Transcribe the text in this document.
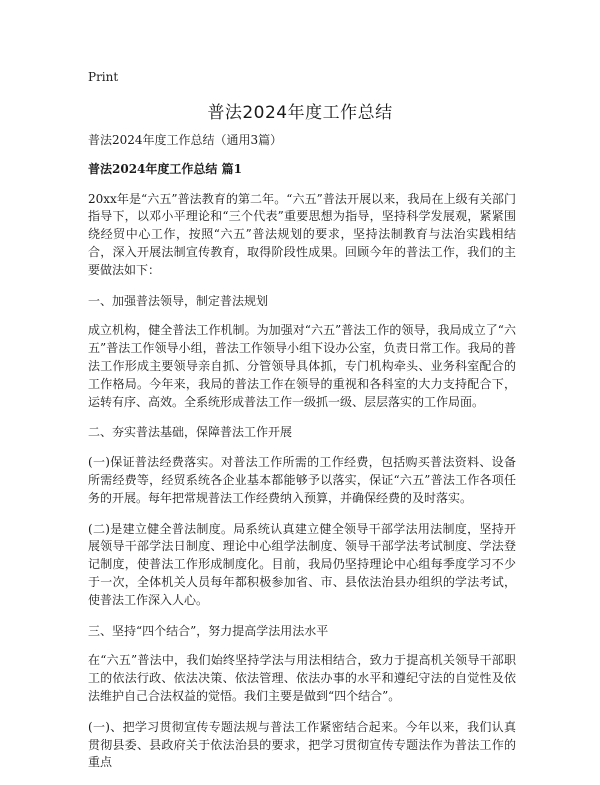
Print
普法2024年度工作总结

普法2024年度工作总结（通用3篇）

普法2024年度工作总结 篇1

20xx年是“六五”普法教育的第二年。“六五”普法开展以来，我局在上级有关部门指导下，以邓小平理论和“三个代表”重要思想为指导，坚持科学发展观，紧紧围绕经贸中心工作，按照“六五”普法规划的要求，坚持法制教育与法治实践相结合，深入开展法制宣传教育，取得阶段性成果。回顾今年的普法工作，我们的主要做法如下：

一、加强普法领导，制定普法规划

成立机构，健全普法工作机制。为加强对“六五”普法工作的领导，我局成立了“六五”普法工作领导小组，普法工作领导小组下设办公室，负责日常工作。我局的普法工作形成主要领导亲自抓、分管领导具体抓，专门机构牵头、业务科室配合的工作格局。今年来，我局的普法工作在领导的重视和各科室的大力支持配合下，运转有序、高效。全系统形成普法工作一级抓一级、层层落实的工作局面。

二、夯实普法基础，保障普法工作开展

(一)保证普法经费落实。对普法工作所需的工作经费，包括购买普法资料、设备所需经费等，经贸系统各企业基本都能够予以落实，保证“六五”普法工作各项任务的开展。每年把常规普法工作经费纳入预算，并确保经费的及时落实。

(二)是建立健全普法制度。局系统认真建立健全领导干部学法用法制度，坚持开展领导干部学法日制度、理论中心组学法制度、领导干部学法考试制度、学法登记制度，使普法工作形成制度化。目前，我局仍坚持理论中心组每季度学习不少于一次，全体机关人员每年都积极参加省、市、县依法治县办组织的学法考试，使普法工作深入人心。

三、坚持“四个结合”，努力提高学法用法水平

在“六五”普法中，我们始终坚持学法与用法相结合，致力于提高机关领导干部职工的依法行政、依法决策、依法管理、依法办事的水平和遵纪守法的自觉性及依法维护自己合法权益的觉悟。我们主要是做到“四个结合”。

(一)、把学习贯彻宣传专题法规与普法工作紧密结合起来。今年以来，我们认真贯彻县委、县政府关于依法治县的要求，把学习贯彻宣传专题法作为普法工作的重点
